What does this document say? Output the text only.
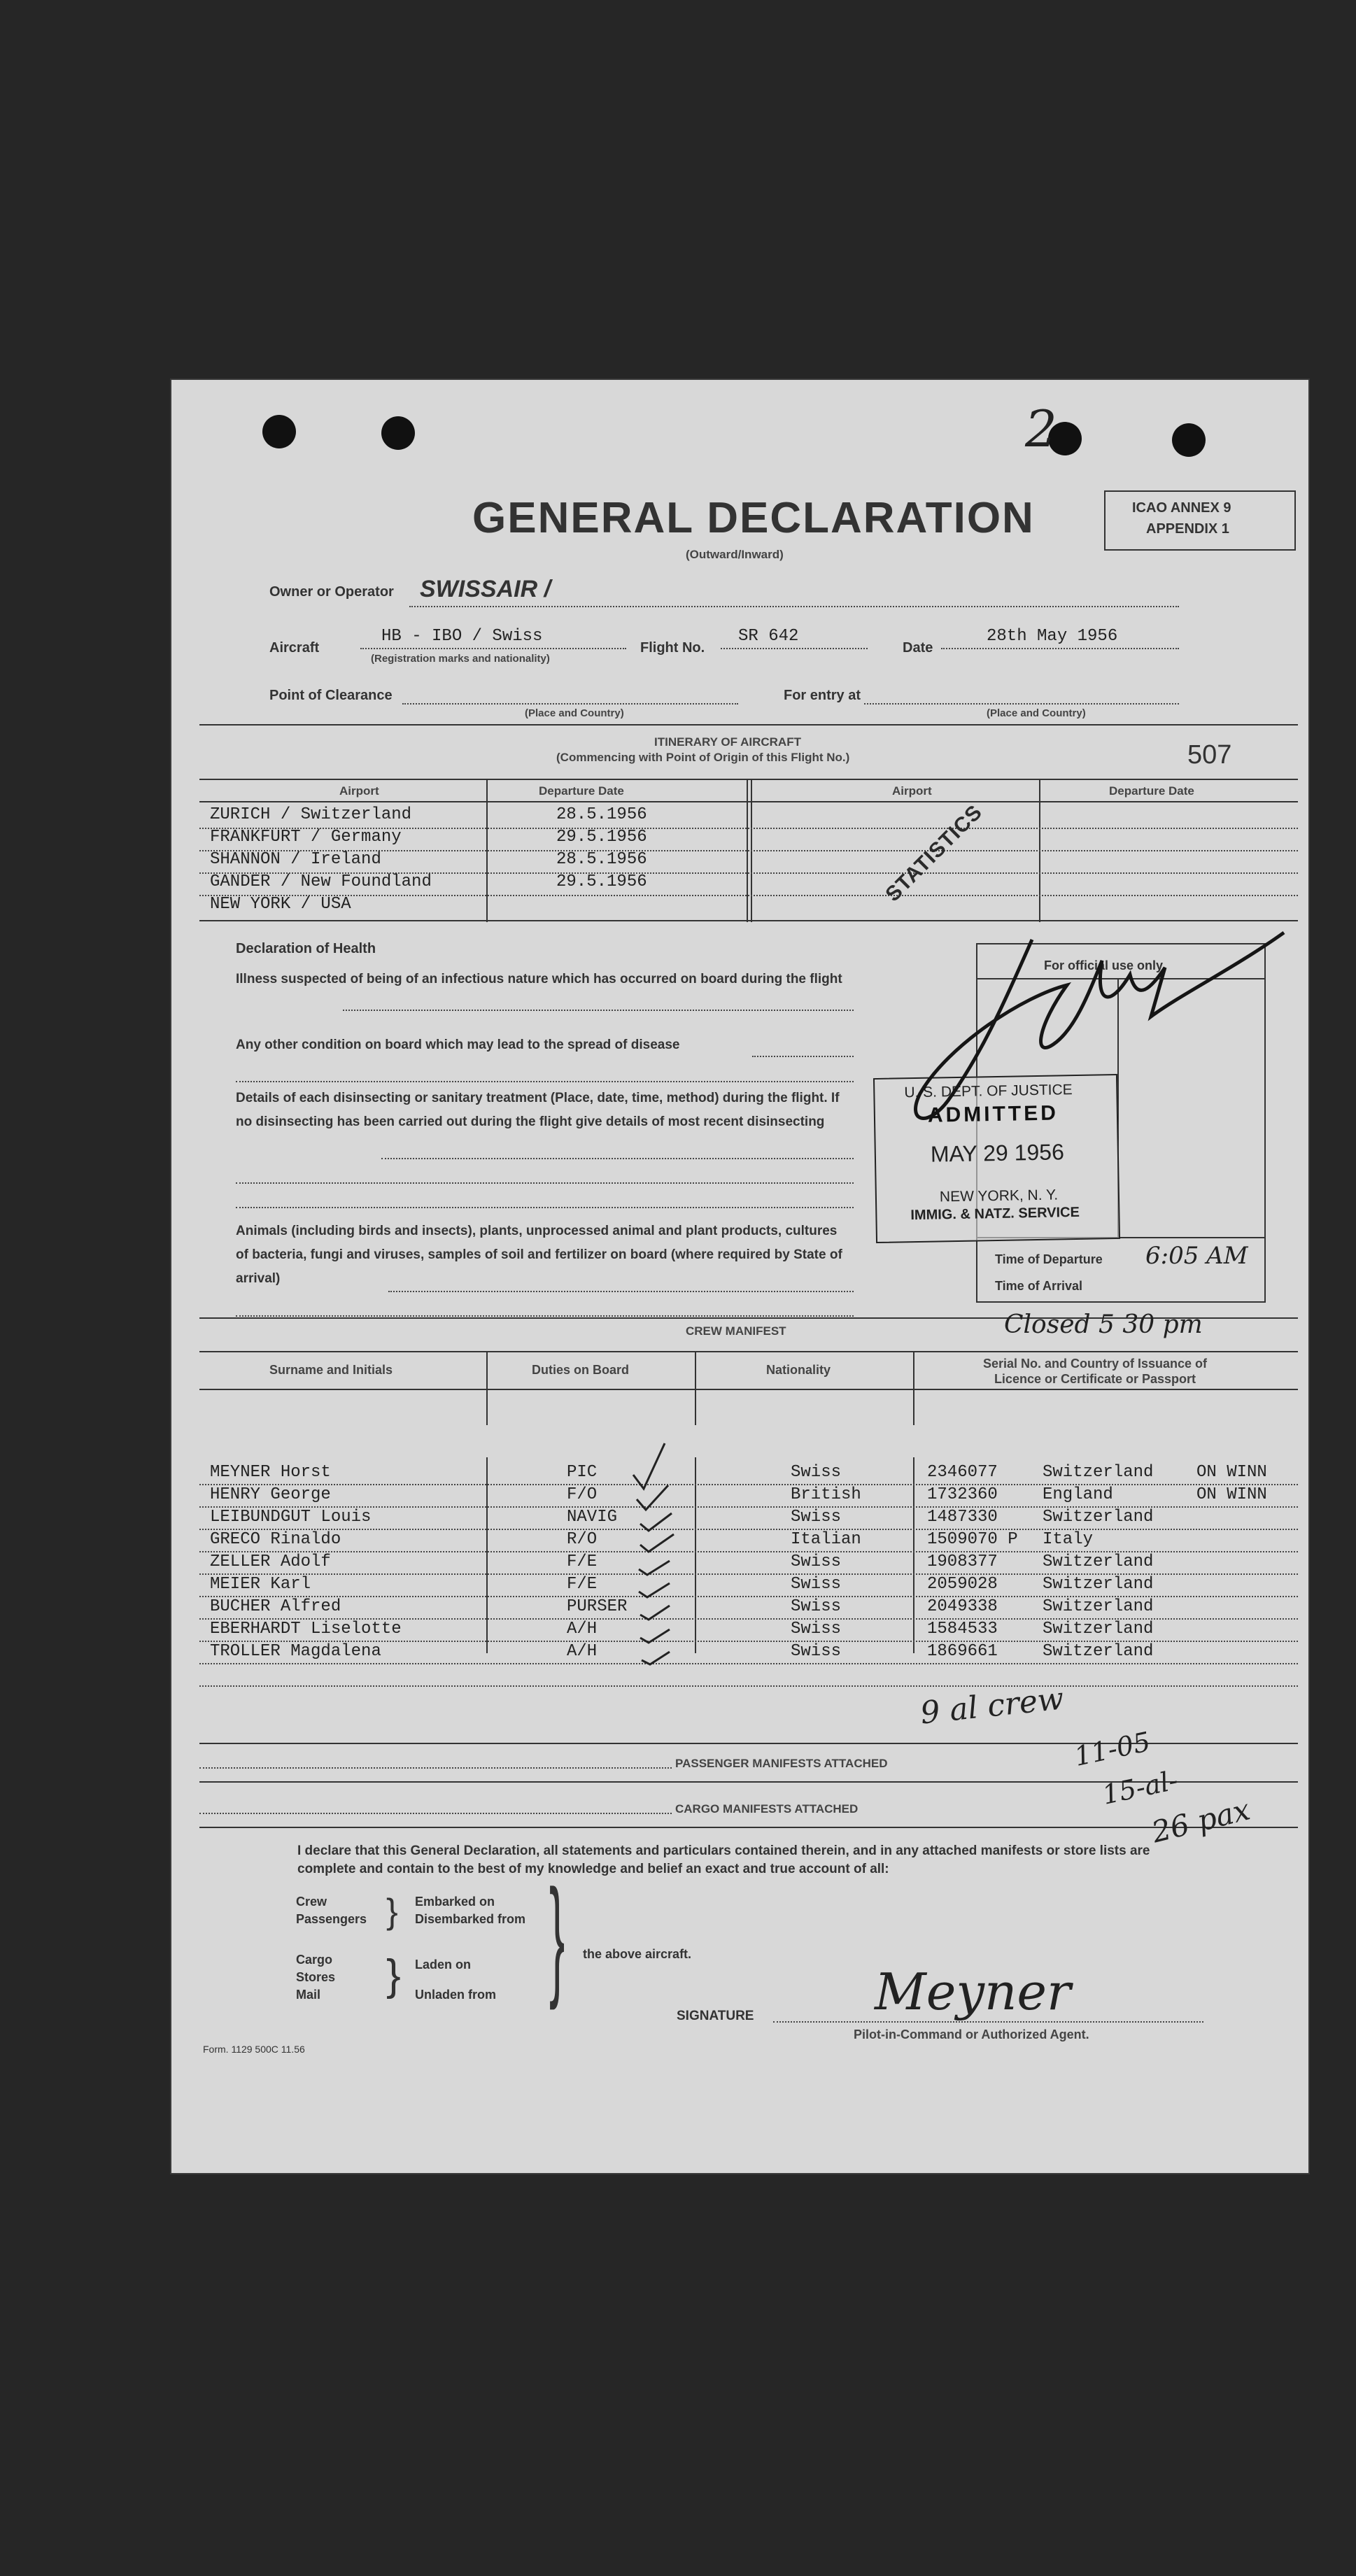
2
GENERAL DECLARATION
(Outward/Inward)
ICAO ANNEX 9
APPENDIX 1
Owner or Operator SWISSAIR /
Aircraft
HB - IBO / Swiss
(Registration marks and nationality)
Flight No.
SR 642
Date
28th May 1956
Point of Clearance
(Place and Country)
For entry at
(Place and Country)
ITINERARY OF AIRCRAFT
(Commencing with Point of Origin of this Flight No.)	507
Airport	Departure Date	Airport	Departure Date
ZURICH / Switzerland	28.5.1956
FRANKFURT / Germany	29.5.1956
SHANNON / Ireland	28.5.1956
GANDER / New Foundland	29.5.1956
NEW YORK / USA	STATISTICS
Declaration of Health
Illness suspected of being of an infectious nature which has occurred on board during the flight
Any other condition on board which may lead to the spread of disease
Details of each disinsecting or sanitary treatment (Place, date, time, method) during the flight. If no disinsecting has been carried out during the flight give details of most recent disinsecting
Animals (including birds and insects), plants, unprocessed animal and plant products, cultures of bacteria, fungi and viruses, samples of soil and fertilizer on board (where required by State of arrival)
For official use only
Time of Departure 6:05 AM
Time of Arrival
U. S. DEPT. OF JUSTICE
ADMITTED
MAY 29 1956
NEW YORK, N. Y.
IMMIG. & NATZ. SERVICE
CREW MANIFEST	Closed 5 30 pm
Surname and Initials	Duties on Board	Nationality	Serial No. and Country of Issuance of Licence or Certificate or Passport
MEYNER Horst	PIC	Swiss	2346077	Switzerland	ON WINN
HENRY George	F/O	British	1732360	England	ON WINN
LEIBUNDGUT Louis	NAVIG	Swiss	1487330	Switzerland
GRECO Rinaldo	R/O	Italian	1509070 P Italy
ZELLER Adolf	F/E	Swiss	1908377	Switzerland
MEIER Karl	F/E	Swiss	2059028	Switzerland
BUCHER Alfred	PURSER	Swiss	2049338	Switzerland
EBERHARDT Liselotte	A/H	Swiss	1584533	Switzerland
TROLLER Magdalena	A/H	Swiss	1869661	Switzerland
9 al crew
PASSENGER MANIFESTS ATTACHED
CARGO MANIFESTS ATTACHED
11-05
15-al-
26 pax
I declare that this General Declaration, all statements and particulars contained therein, and in any attached manifests or store lists are complete and contain to the best of my knowledge and belief an exact and true account of all:
Crew
Passengers } Embarked on
Disembarked from
Cargo
Stores
Mail } Laden on
Unladen from } the above aircraft.
SIGNATURE Meyner
Pilot-in-Command or Authorized Agent.
Form. 1129 500C 11.56
